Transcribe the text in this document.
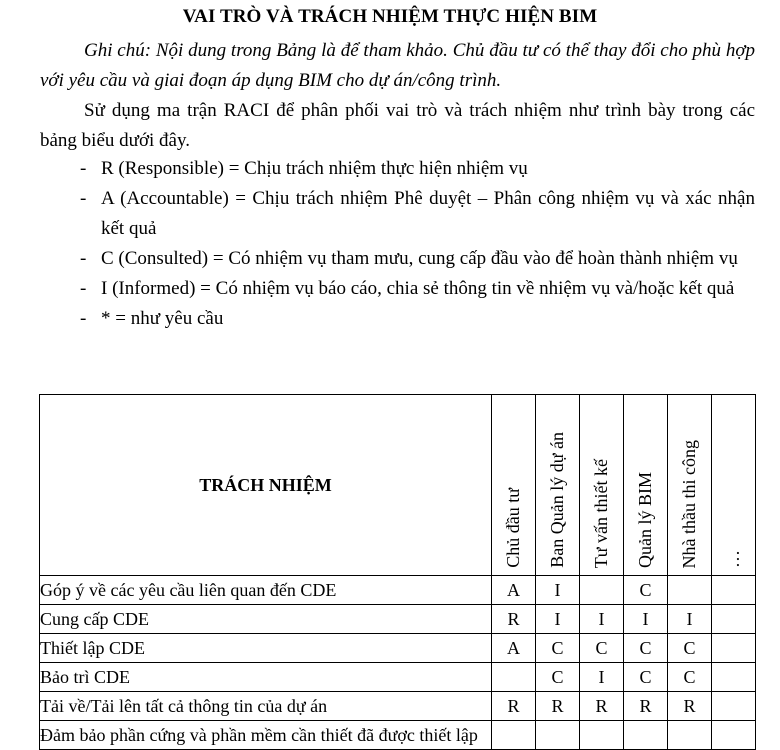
VAI TRÒ VÀ TRÁCH NHIỆM THỰC HIỆN BIM
Ghi chú: Nội dung trong Bảng là để tham khảo. Chủ đầu tư có thể thay đổi cho phù hợp với yêu cầu và giai đoạn áp dụng BIM cho dự án/công trình.
Sử dụng ma trận RACI để phân phối vai trò và trách nhiệm như trình bày trong các bảng biểu dưới đây.
- R (Responsible) = Chịu trách nhiệm thực hiện nhiệm vụ
- A (Accountable) = Chịu trách nhiệm Phê duyệt – Phân công nhiệm vụ và xác nhận kết quả
- C (Consulted) = Có nhiệm vụ tham mưu, cung cấp đầu vào để hoàn thành nhiệm vụ
- I (Informed) = Có nhiệm vụ báo cáo, chia sẻ thông tin về nhiệm vụ và/hoặc kết quả
- * = như yêu cầu
TRÁCH NHIỆM	Chủ đầu tư	Ban Quản lý dự án	Tư vấn thiết kế	Quản lý BIM	Nhà thầu thi công	…
Góp ý về các yêu cầu liên quan đến CDE	A	I		C		
Cung cấp CDE	R	I	I	I	I	
Thiết lập CDE	A	C	C	C	C	
Bảo trì CDE		C	I	C	C	
Tải về/Tải lên tất cả thông tin của dự án	R	R	R	R	R	
Đảm bảo phần cứng và phần mềm cần thiết đã được thiết lập						
